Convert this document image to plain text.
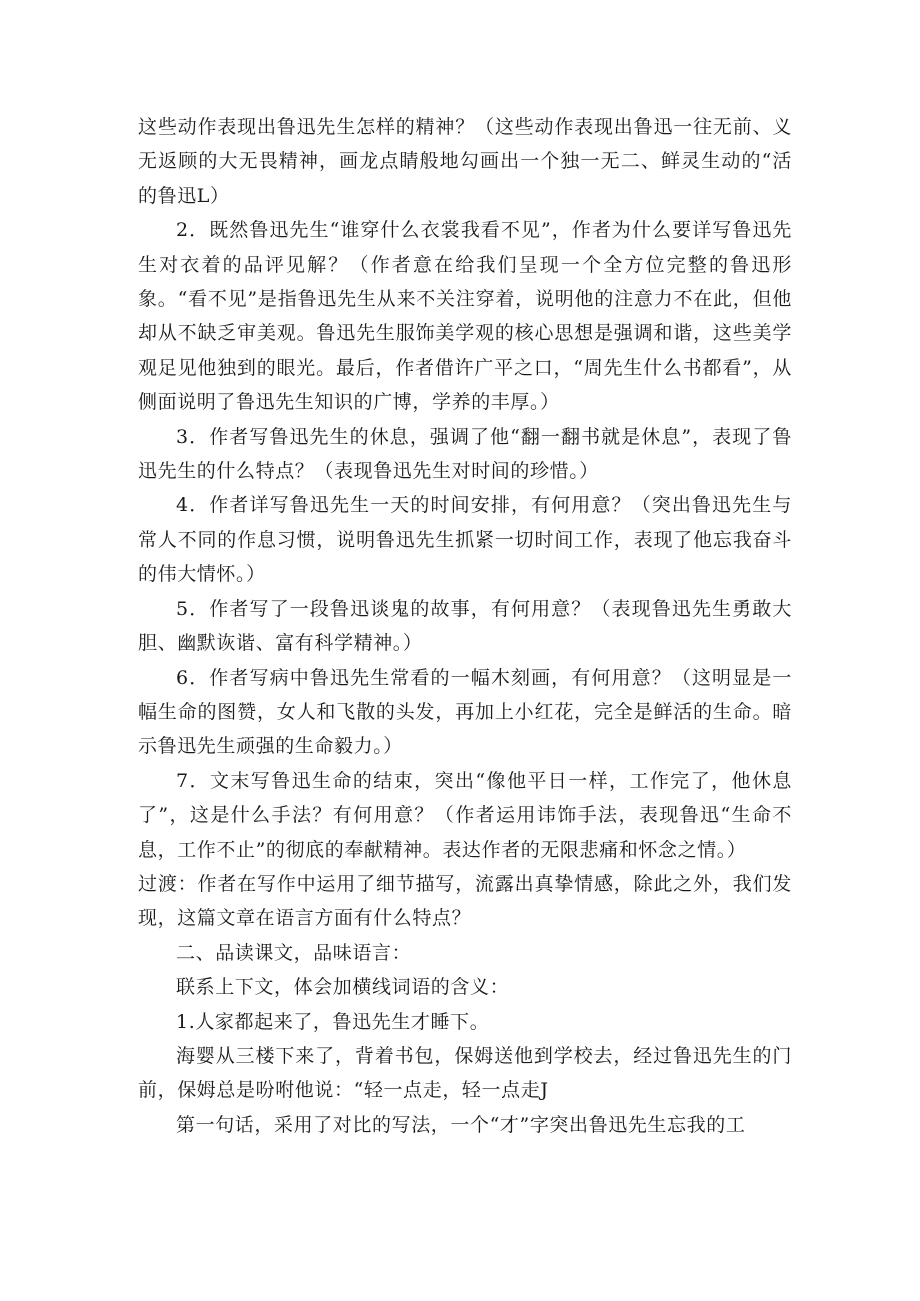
这些动作表现出鲁迅先生怎样的精神？（这些动作表现出鲁迅一往无前、义无返顾的大无畏精神，画龙点睛般地勾画出一个独一无二、鲜灵生动的“活的鲁迅L）

2．既然鲁迅先生“谁穿什么衣裳我看不见”，作者为什么要详写鲁迅先生对衣着的品评见解？（作者意在给我们呈现一个全方位完整的鲁迅形象。“看不见”是指鲁迅先生从来不关注穿着，说明他的注意力不在此，但他却从不缺乏审美观。鲁迅先生服饰美学观的核心思想是强调和谐，这些美学观足见他独到的眼光。最后，作者借许广平之口，“周先生什么书都看”，从侧面说明了鲁迅先生知识的广博，学养的丰厚。）

3．作者写鲁迅先生的休息，强调了他“翻一翻书就是休息”，表现了鲁迅先生的什么特点？（表现鲁迅先生对时间的珍惜。）

4．作者详写鲁迅先生一天的时间安排，有何用意？（突出鲁迅先生与常人不同的作息习惯，说明鲁迅先生抓紧一切时间工作，表现了他忘我奋斗的伟大情怀。）

5．作者写了一段鲁迅谈鬼的故事，有何用意？（表现鲁迅先生勇敢大胆、幽默诙谐、富有科学精神。）

6．作者写病中鲁迅先生常看的一幅木刻画，有何用意？（这明显是一幅生命的图赞，女人和飞散的头发，再加上小红花，完全是鲜活的生命。暗示鲁迅先生顽强的生命毅力。）

7．文末写鲁迅生命的结束，突出“像他平日一样，工作完了，他休息了”，这是什么手法？有何用意？（作者运用讳饰手法，表现鲁迅“生命不息，工作不止”的彻底的奉献精神。表达作者的无限悲痛和怀念之情。）

过渡：作者在写作中运用了细节描写，流露出真挚情感，除此之外，我们发现，这篇文章在语言方面有什么特点？

二、品读课文，品味语言：

联系上下文，体会加横线词语的含义：

1.人家都起来了，鲁迅先生才睡下。

海婴从三楼下来了，背着书包，保姆送他到学校去，经过鲁迅先生的门前，保姆总是吩咐他说：“轻一点走，轻一点走J

第一句话，采用了对比的写法，一个“才”字突出鲁迅先生忘我的工
